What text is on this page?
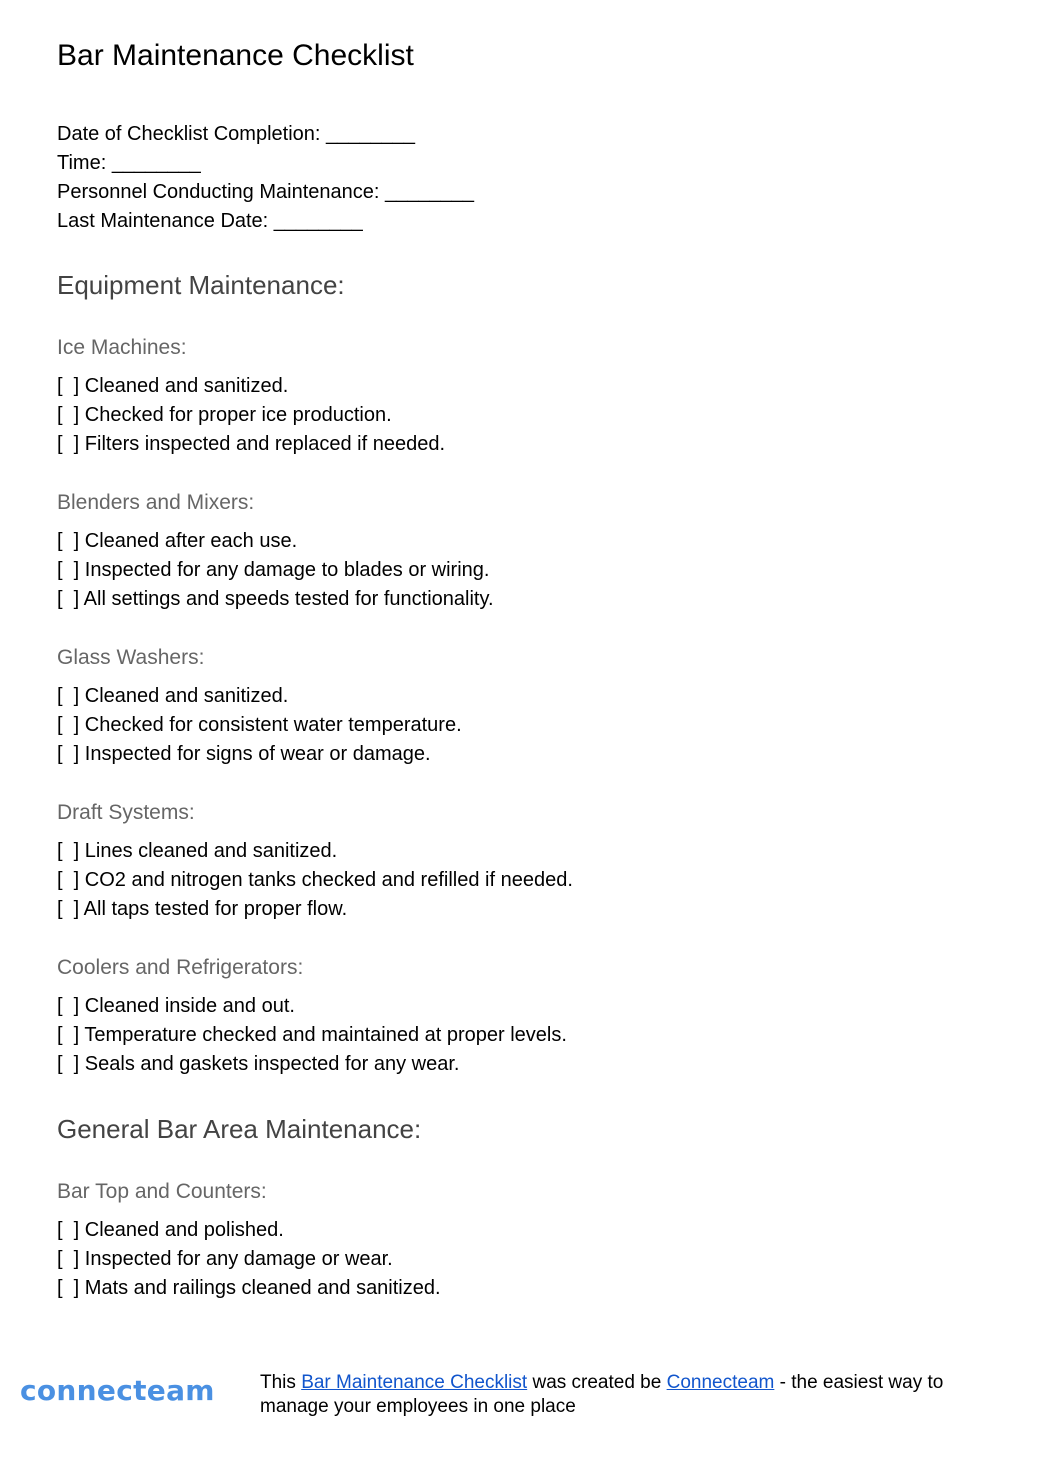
Bar Maintenance Checklist
Date of Checklist Completion: ________
Time: ________
Personnel Conducting Maintenance: ________
Last Maintenance Date: ________
Equipment Maintenance:
Ice Machines:
[  ] Cleaned and sanitized.
[  ] Checked for proper ice production.
[  ] Filters inspected and replaced if needed.
Blenders and Mixers:
[  ] Cleaned after each use.
[  ] Inspected for any damage to blades or wiring.
[  ] All settings and speeds tested for functionality.
Glass Washers:
[  ] Cleaned and sanitized.
[  ] Checked for consistent water temperature.
[  ] Inspected for signs of wear or damage.
Draft Systems:
[  ] Lines cleaned and sanitized.
[  ] CO2 and nitrogen tanks checked and refilled if needed.
[  ] All taps tested for proper flow.
Coolers and Refrigerators:
[  ] Cleaned inside and out.
[  ] Temperature checked and maintained at proper levels.
[  ] Seals and gaskets inspected for any wear.
General Bar Area Maintenance:
Bar Top and Counters:
[  ] Cleaned and polished.
[  ] Inspected for any damage or wear.
[  ] Mats and railings cleaned and sanitized.
connecteam This Bar Maintenance Checklist was created be Connecteam - the easiest way to manage your employees in one place
